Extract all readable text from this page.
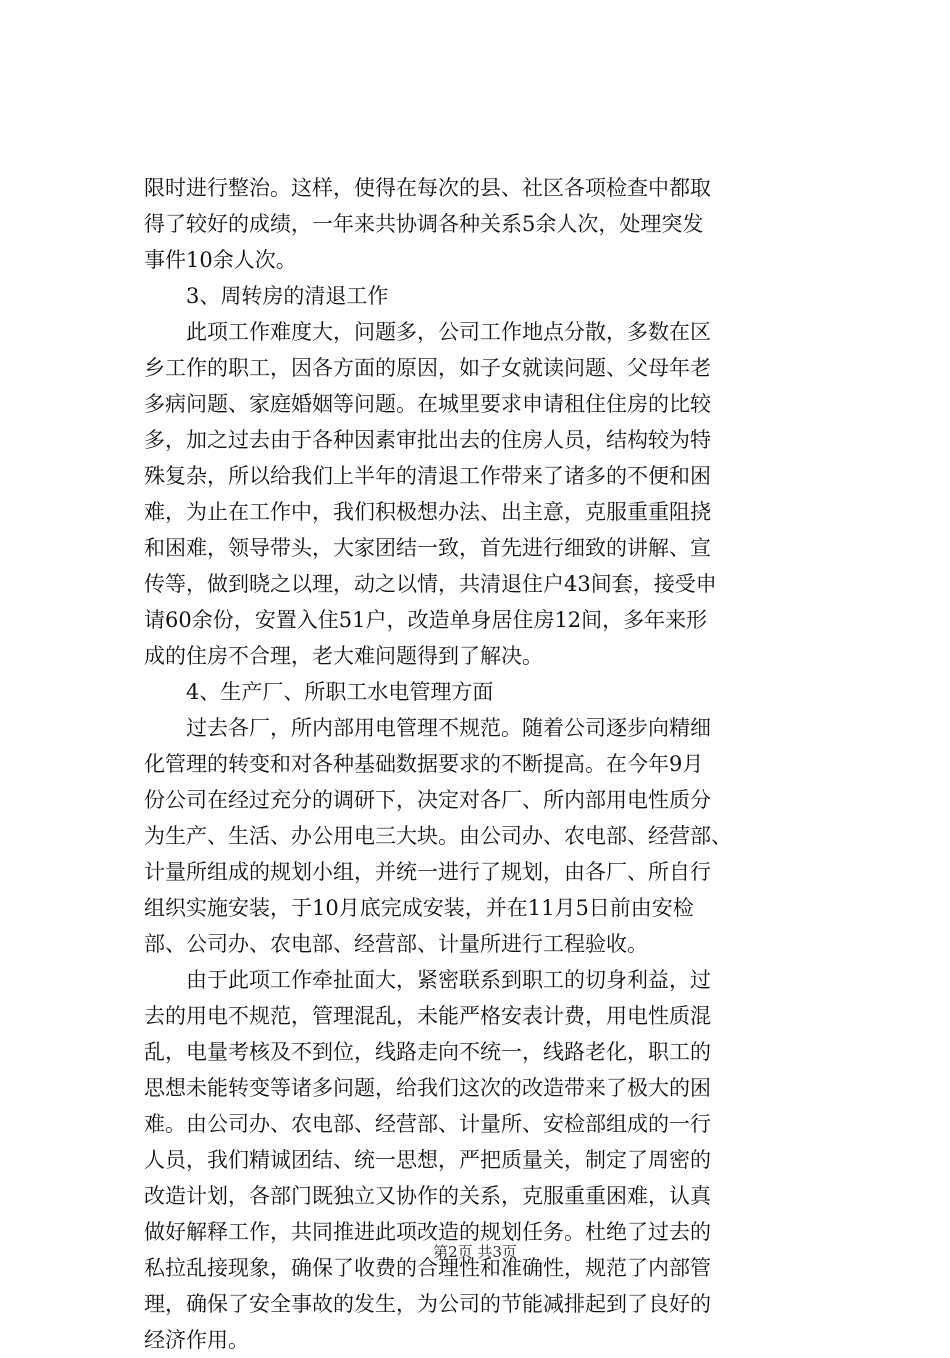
限时进行整治。这样，使得在每次的县、社区各项检查中都取
得了较好的成绩，一年来共协调各种关系5余人次，处理突发
事件10余人次。
3、周转房的清退工作
此项工作难度大，问题多，公司工作地点分散，多数在区
乡工作的职工，因各方面的原因，如子女就读问题、父母年老
多病问题、家庭婚姻等问题。在城里要求申请租住住房的比较
多，加之过去由于各种因素审批出去的住房人员，结构较为特
殊复杂，所以给我们上半年的清退工作带来了诸多的不便和困
难，为止在工作中，我们积极想办法、出主意，克服重重阻挠
和困难，领导带头，大家团结一致，首先进行细致的讲解、宣
传等，做到晓之以理，动之以情，共清退住户43间套，接受申
请60余份，安置入住51户，改造单身居住房12间，多年来形
成的住房不合理，老大难问题得到了解决。
4、生产厂、所职工水电管理方面
过去各厂，所内部用电管理不规范。随着公司逐步向精细
化管理的转变和对各种基础数据要求的不断提高。在今年9月
份公司在经过充分的调研下，决定对各厂、所内部用电性质分
为生产、生活、办公用电三大块。由公司办、农电部、经营部、
计量所组成的规划小组，并统一进行了规划，由各厂、所自行
组织实施安装，于10月底完成安装，并在11月5日前由安检
部、公司办、农电部、经营部、计量所进行工程验收。
由于此项工作牵扯面大，紧密联系到职工的切身利益，过
去的用电不规范，管理混乱，未能严格安表计费，用电性质混
乱，电量考核及不到位，线路走向不统一，线路老化，职工的
思想未能转变等诸多问题，给我们这次的改造带来了极大的困
难。由公司办、农电部、经营部、计量所、安检部组成的一行
人员，我们精诚团结、统一思想，严把质量关，制定了周密的
改造计划，各部门既独立又协作的关系，克服重重困难，认真
做好解释工作，共同推进此项改造的规划任务。杜绝了过去的
私拉乱接现象，确保了收费的合理性和准确性，规范了内部管
理，确保了安全事故的发生，为公司的节能减排起到了良好的
经济作用。
第2页 共3页
